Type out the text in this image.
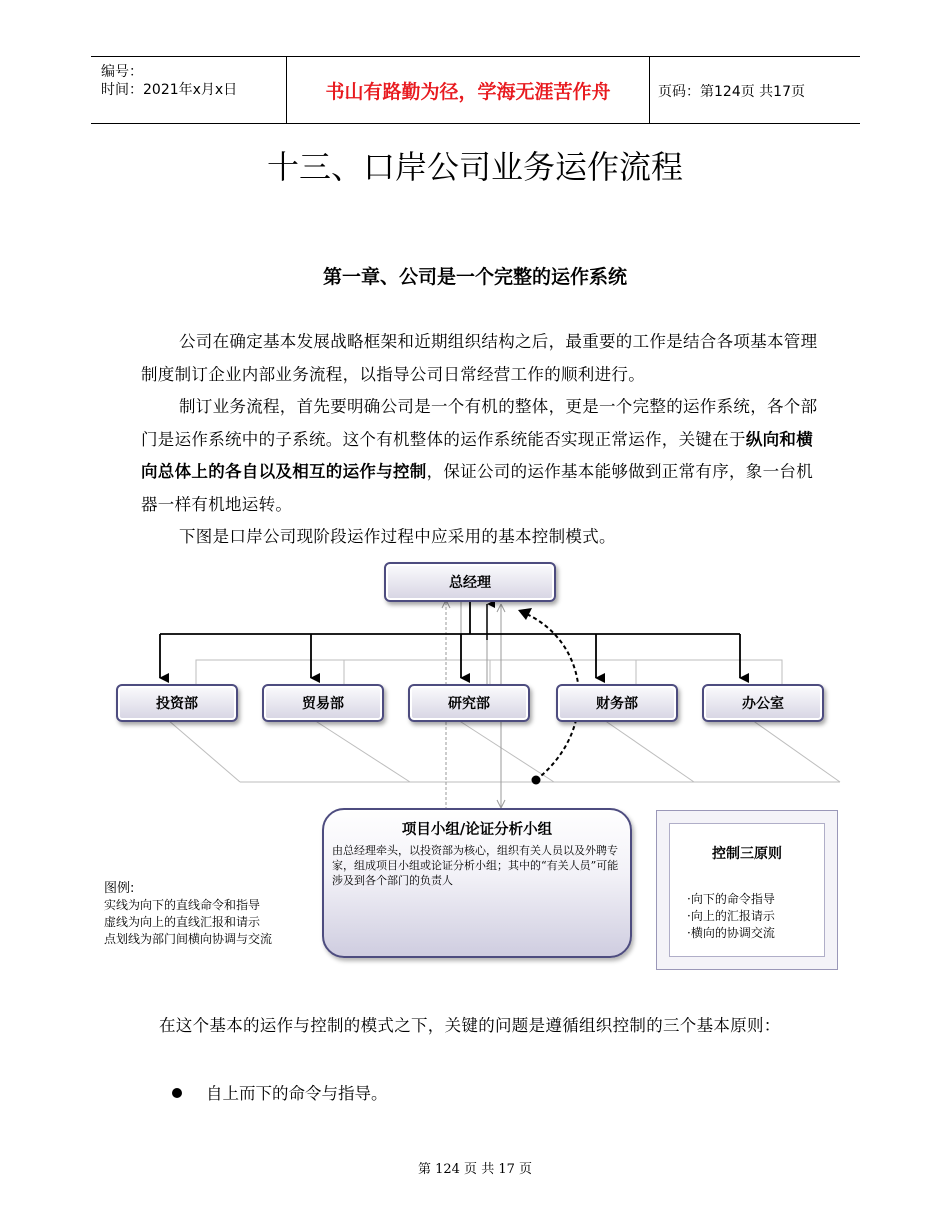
编号：
时间：2021年x月x日	书山有路勤为径，学海无涯苦作舟	页码：第124页 共17页
十三、口岸公司业务运作流程
第一章、公司是一个完整的运作系统
公司在确定基本发展战略框架和近期组织结构之后，最重要的工作是结合各项基本管理制度制订企业内部业务流程，以指导公司日常经营工作的顺利进行。
制订业务流程，首先要明确公司是一个有机的整体，更是一个完整的运作系统，各个部门是运作系统中的子系统。这个有机整体的运作系统能否实现正常运作，关键在于纵向和横向总体上的各自以及相互的运作与控制，保证公司的运作基本能够做到正常有序，象一台机器一样有机地运转。
下图是口岸公司现阶段运作过程中应采用的基本控制模式。
总经理
投资部	贸易部	研究部	财务部	办公室
项目小组/论证分析小组
由总经理牵头，以投资部为核心，组织有关人员以及外聘专家，组成项目小组或论证分析小组；其中的“有关人员”可能涉及到各个部门的负责人
图例:
实线为向下的直线命令和指导
虚线为向上的直线汇报和请示
点划线为部门间横向协调与交流
控制三原则
·向下的命令指导
·向上的汇报请示
·横向的协调交流
在这个基本的运作与控制的模式之下，关键的问题是遵循组织控制的三个基本原则：
自上而下的命令与指导。
第 124 页 共 17 页
